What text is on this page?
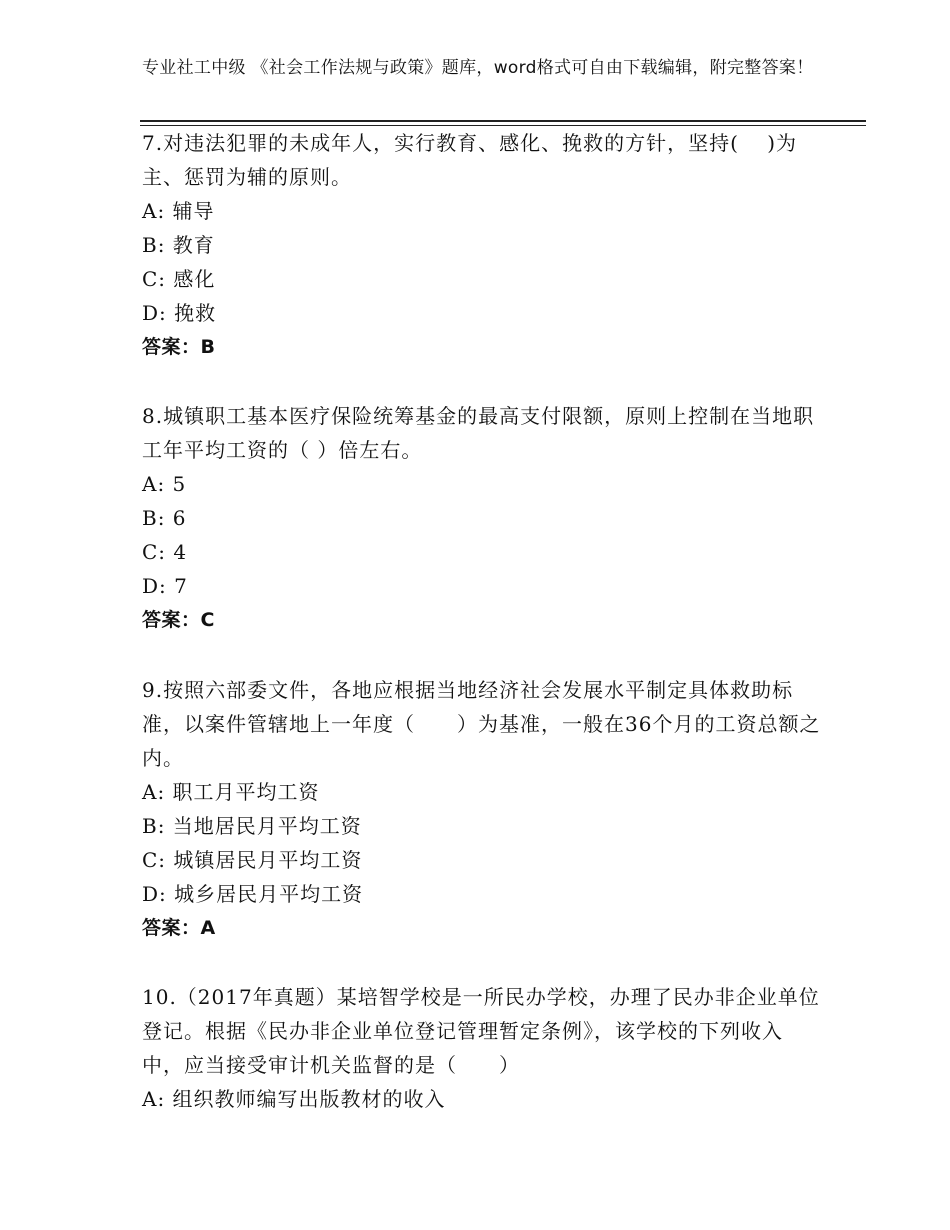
专业社工中级 《社会工作法规与政策》题库，word格式可自由下载编辑，附完整答案！

7.对违法犯罪的未成年人，实行教育、感化、挽救的方针，坚持(　 )为主、惩罚为辅的原则。

A: 辅导

B: 教育

C: 感化

D: 挽救

答案：B

8.城镇职工基本医疗保险统筹基金的最高支付限额，原则上控制在当地职工年平均工资的（ ）倍左右。

A: 5

B: 6

C: 4

D: 7

答案：C

9.按照六部委文件，各地应根据当地经济社会发展水平制定具体救助标准，以案件管辖地上一年度（　　）为基准，一般在36个月的工资总额之内。

A: 职工月平均工资

B: 当地居民月平均工资

C: 城镇居民月平均工资

D: 城乡居民月平均工资

答案：A

10.（2017年真题）某培智学校是一所民办学校，办理了民办非企业单位登记。根据《民办非企业单位登记管理暂定条例》，该学校的下列收入中，应当接受审计机关监督的是（　　）

A: 组织教师编写出版教材的收入
